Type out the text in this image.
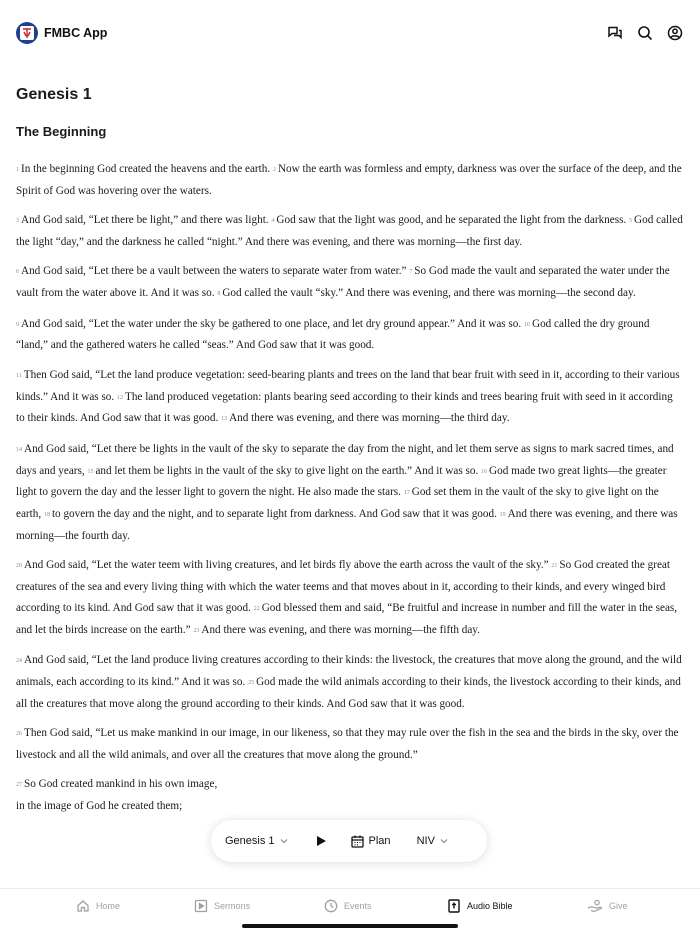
FMBC App
Genesis 1
The Beginning

1 In the beginning God created the heavens and the earth. 2 Now the earth was formless and empty, darkness was over the surface of the deep, and the Spirit of God was hovering over the waters.

3 And God said, “Let there be light,” and there was light. 4 God saw that the light was good, and he separated the light from the darkness. 5 God called the light “day,” and the darkness he called “night.” And there was evening, and there was morning—the first day.

6 And God said, “Let there be a vault between the waters to separate water from water.” 7 So God made the vault and separated the water under the vault from the water above it. And it was so. 8 God called the vault “sky.” And there was evening, and there was morning—the second day.

9 And God said, “Let the water under the sky be gathered to one place, and let dry ground appear.” And it was so. 10 God called the dry ground “land,” and the gathered waters he called “seas.” And God saw that it was good.

11 Then God said, “Let the land produce vegetation: seed-bearing plants and trees on the land that bear fruit with seed in it, according to their various kinds.” And it was so. 12 The land produced vegetation: plants bearing seed according to their kinds and trees bearing fruit with seed in it according to their kinds. And God saw that it was good. 13 And there was evening, and there was morning—the third day.

14 And God said, “Let there be lights in the vault of the sky to separate the day from the night, and let them serve as signs to mark sacred times, and days and years, 15 and let them be lights in the vault of the sky to give light on the earth.” And it was so. 16 God made two great lights—the greater light to govern the day and the lesser light to govern the night. He also made the stars. 17 God set them in the vault of the sky to give light on the earth, 18 to govern the day and the night, and to separate light from darkness. And God saw that it was good. 19 And there was evening, and there was morning—the fourth day.

20 And God said, “Let the water teem with living creatures, and let birds fly above the earth across the vault of the sky.” 21 So God created the great creatures of the sea and every living thing with which the water teems and that moves about in it, according to their kinds, and every winged bird according to its kind. And God saw that it was good. 22 God blessed them and said, “Be fruitful and increase in number and fill the water in the seas, and let the birds increase on the earth.” 23 And there was evening, and there was morning—the fifth day.

24 And God said, “Let the land produce living creatures according to their kinds: the livestock, the creatures that move along the ground, and the wild animals, each according to its kind.” And it was so. 25 God made the wild animals according to their kinds, the livestock according to their kinds, and all the creatures that move along the ground according to their kinds. And God saw that it was good.

26 Then God said, “Let us make mankind in our image, in our likeness, so that they may rule over the fish in the sea and the birds in the sky, over the livestock and all the wild animals, and over all the creatures that move along the ground.”

27 So God created mankind in his own image,

in the image of God he created them;

Genesis 1	Plan NIV
Home	Sermons	Events	Audio Bible	Give
